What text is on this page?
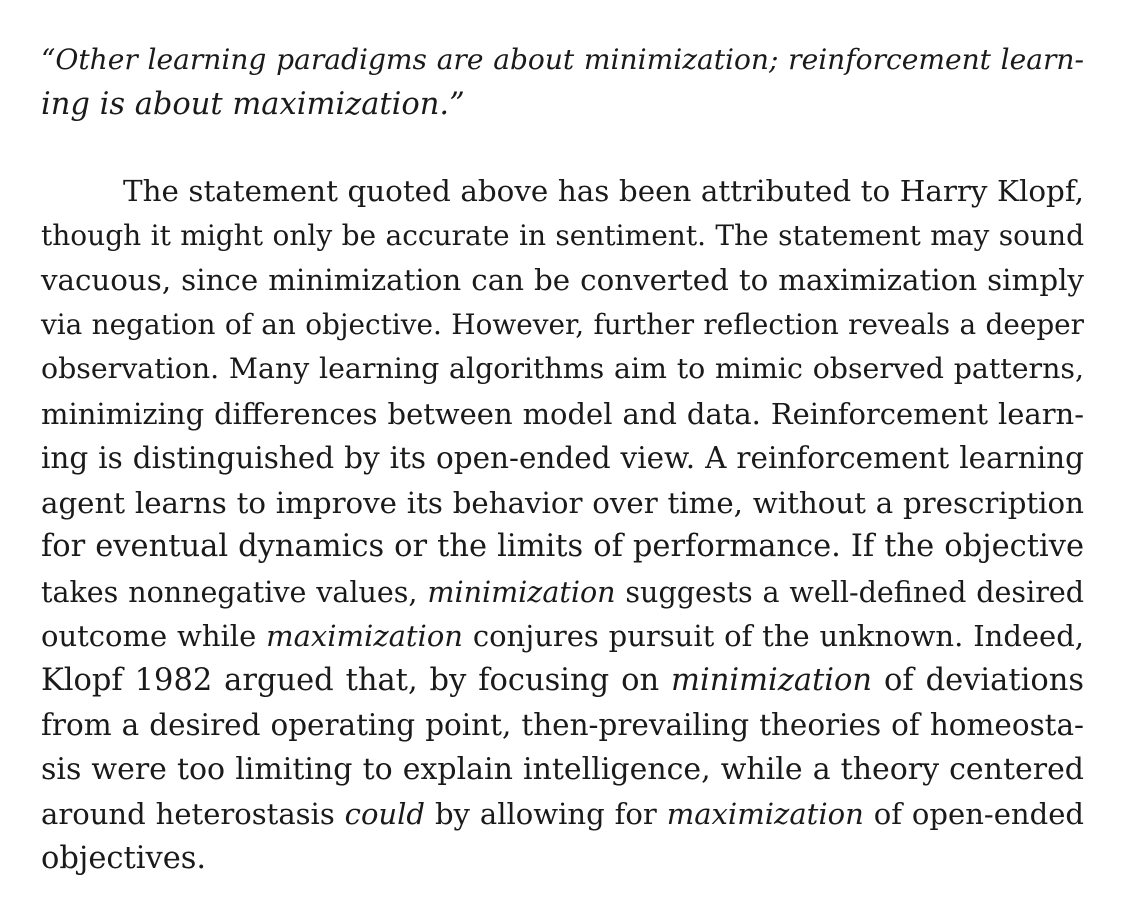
“Other learning paradigms are about minimization; reinforcement learn-
ing is about maximization.”
The statement quoted above has been attributed to Harry Klopf,
though it might only be accurate in sentiment. The statement may sound
vacuous, since minimization can be converted to maximization simply
via negation of an objective. However, further reflection reveals a deeper
observation. Many learning algorithms aim to mimic observed patterns,
minimizing differences between model and data. Reinforcement learn-
ing is distinguished by its open-ended view. A reinforcement learning
agent learns to improve its behavior over time, without a prescription
for eventual dynamics or the limits of performance. If the objective
takes nonnegative values, minimization suggests a well-defined desired
outcome while maximization conjures pursuit of the unknown. Indeed,
Klopf 1982 argued that, by focusing on minimization of deviations
from a desired operating point, then-prevailing theories of homeosta-
sis were too limiting to explain intelligence, while a theory centered
around heterostasis could by allowing for maximization of open-ended
objectives.
